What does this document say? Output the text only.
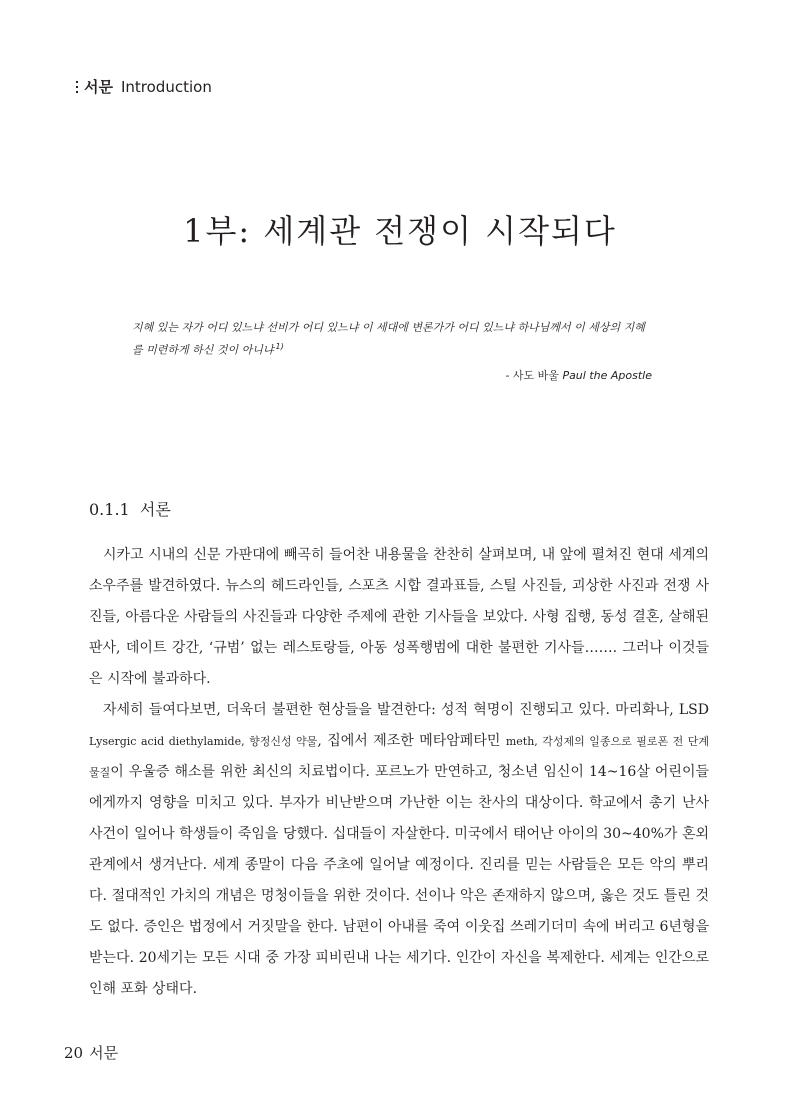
서문 Introduction
1부: 세계관 전쟁이 시작되다
지혜 있는 자가 어디 있느냐 선비가 어디 있느냐 이 세대에 변론가가 어디 있느냐 하나님께서 이 세상의 지혜를 미련하게 하신 것이 아니냐 $^{1)}$
- 사도 바울 Paul the Apostle
0.1.1 서론

시카고 시내의 신문 가판대에 빼곡히 들어찬 내용물을 찬찬히 살펴보며, 내 앞에 펼쳐진 현대 세계의 소우주를 발견하였다. 뉴스의 헤드라인들, 스포츠 시합 결과표들, 스틸 사진들, 괴상한 사진과 전쟁 사진들, 아름다운 사람들의 사진들과 다양한 주제에 관한 기사들을 보았다. 사형 집행, 동성 결혼, 살해된 판사, 데이트 강간, ‘규범’ 없는 레스토랑들, 아동 성폭행범에 대한 불편한 기사들……. 그러나 이것들은 시작에 불과하다.

자세히 들여다보면, 더욱더 불편한 현상들을 발견한다: 성적 혁명이 진행되고 있다. 마리화나, LSD Lysergic acid diethylamide, 향정신성 약물, 집에서 제조한 메타암페타민 meth, 각성제의 일종으로 필로폰 전 단계 물질이 우울증 해소를 위한 최신의 치료법이다. 포르노가 만연하고, 청소년 임신이 14~16살 어린이들에게까지 영향을 미치고 있다. 부자가 비난받으며 가난한 이는 찬사의 대상이다. 학교에서 총기 난사 사건이 일어나 학생들이 죽임을 당했다. 십대들이 자살한다. 미국에서 태어난 아이의 30~40%가 혼외 관계에서 생겨난다. 세계 종말이 다음 주초에 일어날 예정이다. 진리를 믿는 사람들은 모든 악의 뿌리다. 절대적인 가치의 개념은 멍청이들을 위한 것이다. 선이나 악은 존재하지 않으며, 옳은 것도 틀린 것도 없다. 증인은 법정에서 거짓말을 한다. 남편이 아내를 죽여 이웃집 쓰레기더미 속에 버리고 6년형을 받는다. 20세기는 모든 시대 중 가장 피비린내 나는 세기다. 인간이 자신을 복제한다. 세계는 인간으로 인해 포화 상태다.

20 서문
